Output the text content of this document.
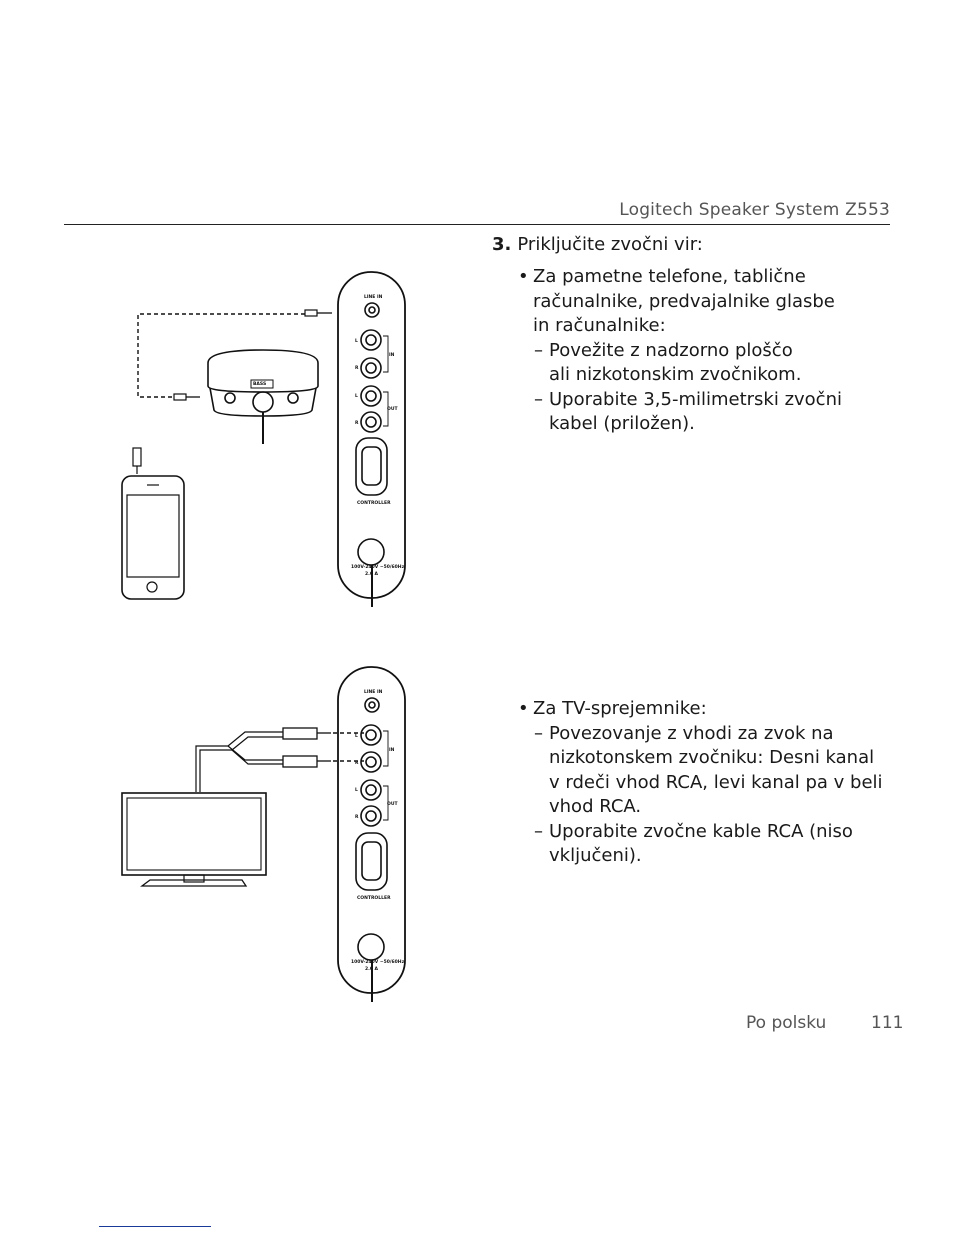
Logitech Speaker System Z553
3. Priključite zvočni vir:
• Za pametne telefone, tablične
računalnike, predvajalnike glasbe
in računalnike:
– Povežite z nadzorno ploščo
ali nizkotonskim zvočnikom.
– Uporabite 3,5-milimetrski zvočni
kabel (priložen).
• Za TV-sprejemnike:
– Povezovanje z vhodi za zvok na
nizkotonskem zvočniku: Desni kanal
v rdeči vhod RCA, levi kanal pa v beli
vhod RCA.
– Uporabite zvočne kable RCA (niso
vključeni).
Po polsku	111
LINE IN
L
R
IN
L
R
OUT
CONTROLLER
100V-240V ~50/60Hz
2.0 A
BASS
LINE IN
L
R
IN
L
R
OUT
CONTROLLER
100V-240V ~50/60Hz
2.0 A
